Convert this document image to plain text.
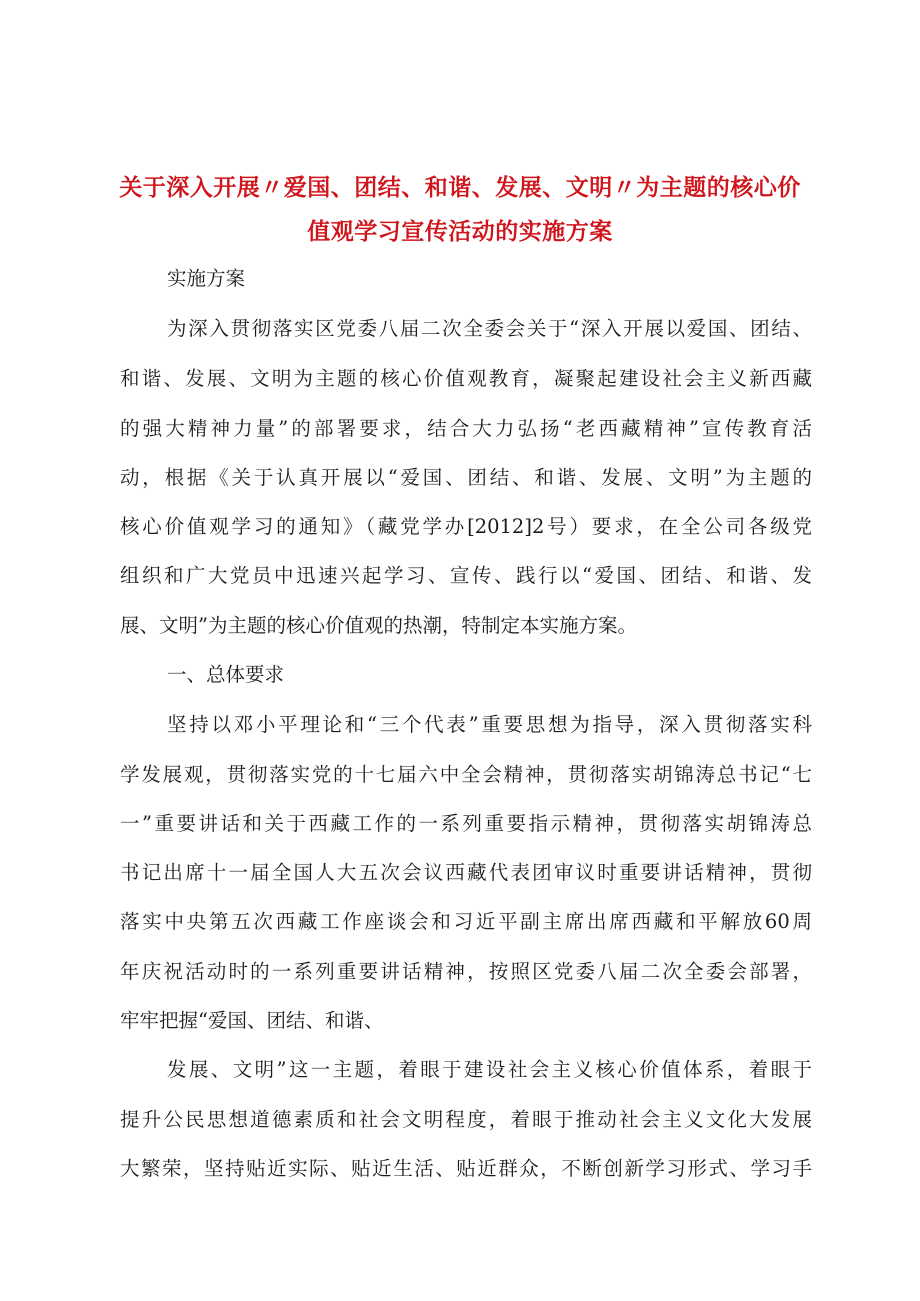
关于深入开展〃爱国、团结、和谐、发展、文明〃为主题的核心价
值观学习宣传活动的实施方案

实施方案

为深入贯彻落实区党委八届二次全委会关于“深入开展以爱国、团结、

和谐、发展、文明为主题的核心价值观教育，凝聚起建设社会主义新西藏

的强大精神力量”的部署要求，结合大力弘扬“老西藏精神”宣传教育活

动，根据《关于认真开展以“爱国、团结、和谐、发展、文明”为主题的

核心价值观学习的通知》（藏党学办[2012]2号）要求，在全公司各级党

组织和广大党员中迅速兴起学习、宣传、践行以“爱国、团结、和谐、发

展、文明”为主题的核心价值观的热潮，特制定本实施方案。

一、总体要求

坚持以邓小平理论和“三个代表”重要思想为指导，深入贯彻落实科

学发展观，贯彻落实党的十七届六中全会精神，贯彻落实胡锦涛总书记“七

一”重要讲话和关于西藏工作的一系列重要指示精神，贯彻落实胡锦涛总

书记出席十一届全国人大五次会议西藏代表团审议时重要讲话精神，贯彻

落实中央第五次西藏工作座谈会和习近平副主席出席西藏和平解放60周

年庆祝活动时的一系列重要讲话精神，按照区党委八届二次全委会部署，

牢牢把握“爱国、团结、和谐、

发展、文明”这一主题，着眼于建设社会主义核心价值体系，着眼于

提升公民思想道德素质和社会文明程度，着眼于推动社会主义文化大发展

大繁荣，坚持贴近实际、贴近生活、贴近群众，不断创新学习形式、学习手
